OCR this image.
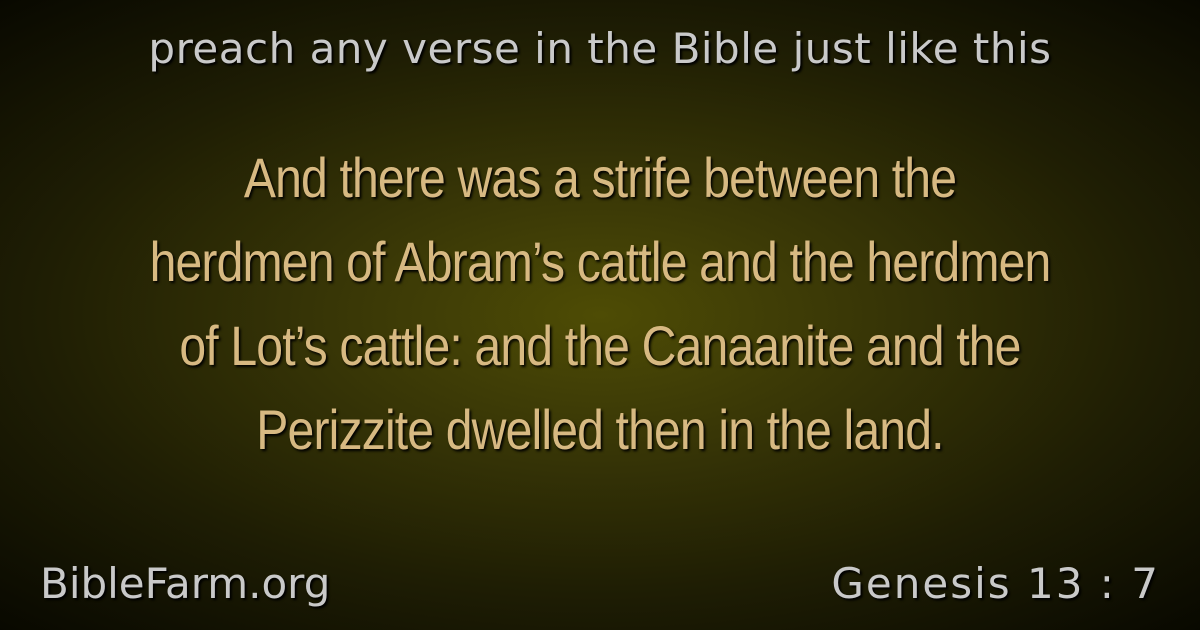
preach any verse in the Bible just like this
And there was a strife between the
herdmen of Abram’s cattle and the herdmen
of Lot’s cattle: and the Canaanite and the
Perizzite dwelled then in the land.
BibleFarm.org	Genesis 13 : 7
